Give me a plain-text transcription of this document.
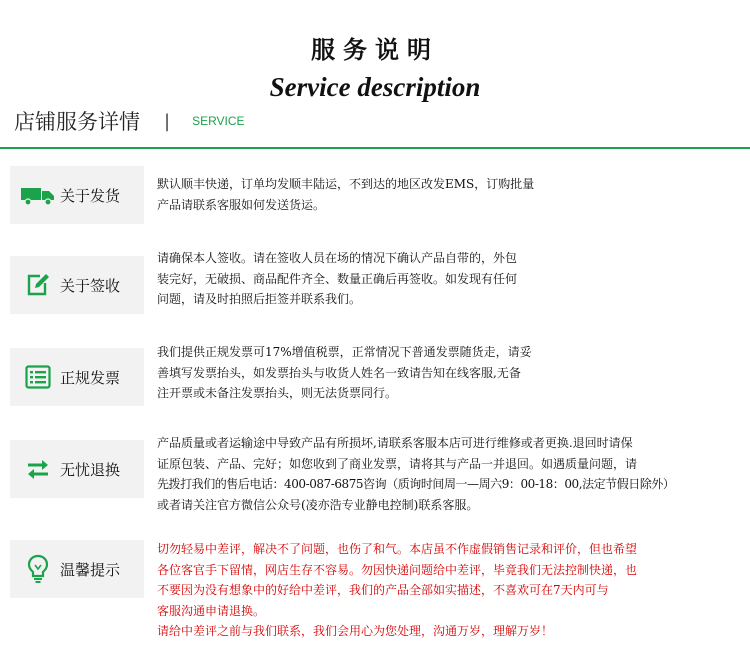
服务说明
Service description
店铺服务详情 | SERVICE
关于发货

默认顺丰快递，订单均发顺丰陆运，不到达的地区改发EMS，订购批量
产品请联系客服如何发送货运。

关于签收

请确保本人签收。请在签收人员在场的情况下确认产品自带的，外包
装完好，无破损、商品配件齐全、数量正确后再签收。如发现有任何
问题，请及时拍照后拒签并联系我们。

正规发票

我们提供正规发票可17%增值税票，正常情况下普通发票随货走，请妥
善填写发票抬头，如发票抬头与收货人姓名一致请告知在线客服,无备
注开票或未备注发票抬头，则无法货票同行。

无忧退换

产品质量或者运输途中导致产品有所损坏,请联系客服本店可进行维修或者更换.退回时请保
证原包装、产品、完好；如您收到了商业发票，请将其与产品一并退回。如遇质量问题，请
先拨打我们的售后电话：400-087-6875咨询（质询时间周一—周六9：00-18：00,法定节假日除外）
或者请关注官方微信公众号(凌亦浩专业静电控制)联系客服。

温馨提示

切勿轻易中差评，解决不了问题，也伤了和气。本店虽不作虚假销售记录和评价，但也希望
各位客官手下留情，网店生存不容易。勿因快递问题给中差评，毕竟我们无法控制快递，也
不要因为没有想象中的好给中差评，我们的产品全部如实描述，不喜欢可在7天内可与
客服沟通申请退换。
请给中差评之前与我们联系，我们会用心为您处理，沟通万岁，理解万岁！
